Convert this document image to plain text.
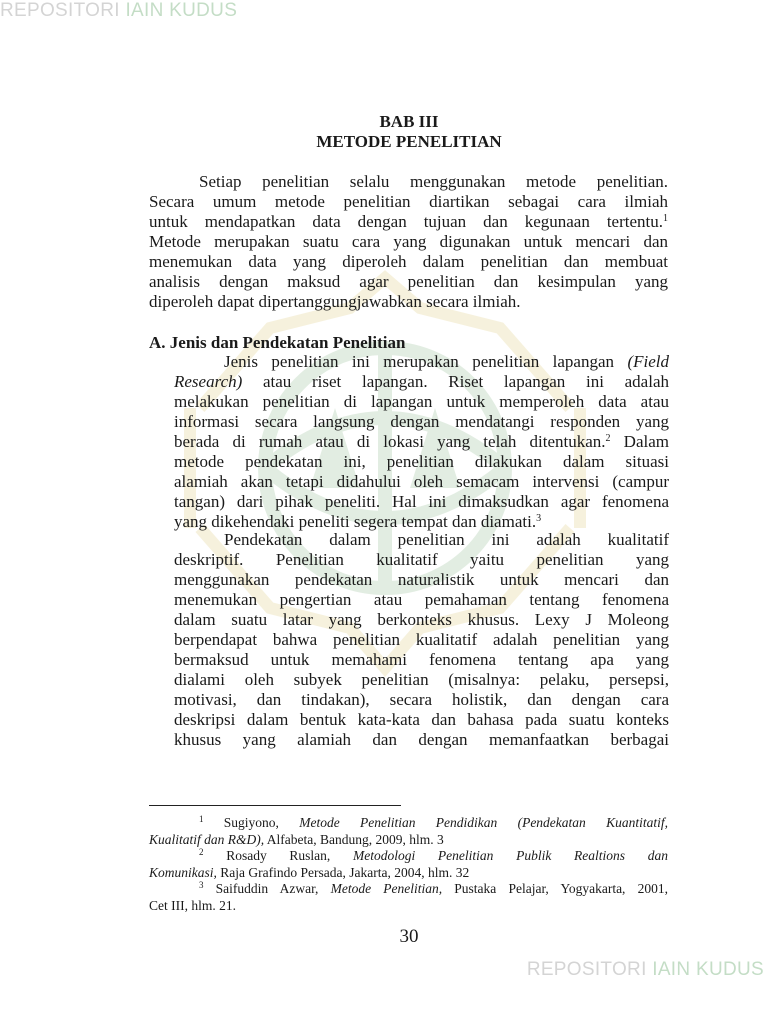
REPOSITORI IAIN KUDUS
BAB III
METODE PENELITIAN
Setiap penelitian selalu menggunakan metode penelitian.
Secara umum metode penelitian diartikan sebagai cara ilmiah
untuk mendapatkan data dengan tujuan dan kegunaan tertentu.$^1$
Metode merupakan suatu cara yang digunakan untuk mencari dan
menemukan data yang diperoleh dalam penelitian dan membuat
analisis dengan maksud agar penelitian dan kesimpulan yang
diperoleh dapat dipertanggungjawabkan secara ilmiah.
A. Jenis dan Pendekatan Penelitian
Jenis penelitian ini merupakan penelitian lapangan (Field
Research) atau riset lapangan. Riset lapangan ini adalah
melakukan penelitian di lapangan untuk memperoleh data atau
informasi secara langsung dengan mendatangi responden yang
berada di rumah atau di lokasi yang telah ditentukan.$^2$ Dalam
metode pendekatan ini, penelitian dilakukan dalam situasi
alamiah akan tetapi didahului oleh semacam intervensi (campur
tangan) dari pihak peneliti. Hal ini dimaksudkan agar fenomena
yang dikehendaki peneliti segera tempat dan diamati.$^3$
Pendekatan dalam penelitian ini adalah kualitatif
deskriptif. Penelitian kualitatif yaitu penelitian yang
menggunakan pendekatan naturalistik untuk mencari dan
menemukan pengertian atau pemahaman tentang fenomena
dalam suatu latar yang berkonteks khusus. Lexy J Moleong
berpendapat bahwa penelitian kualitatif adalah penelitian yang
bermaksud untuk memahami fenomena tentang apa yang
dialami oleh subyek penelitian (misalnya: pelaku, persepsi,
motivasi, dan tindakan), secara holistik, dan dengan cara
deskripsi dalam bentuk kata-kata dan bahasa pada suatu konteks
khusus yang alamiah dan dengan memanfaatkan berbagai
$^1$ Sugiyono, Metode Penelitian Pendidikan (Pendekatan Kuantitatif,
Kualitatif dan R&D), Alfabeta, Bandung, 2009, hlm. 3
$^2$ Rosady Ruslan, Metodologi Penelitian Publik Realtions dan
Komunikasi, Raja Grafindo Persada, Jakarta, 2004, hlm. 32
$^3$ Saifuddin Azwar, Metode Penelitian, Pustaka Pelajar, Yogyakarta, 2001,
Cet III, hlm. 21.
30
REPOSITORI IAIN KUDUS
